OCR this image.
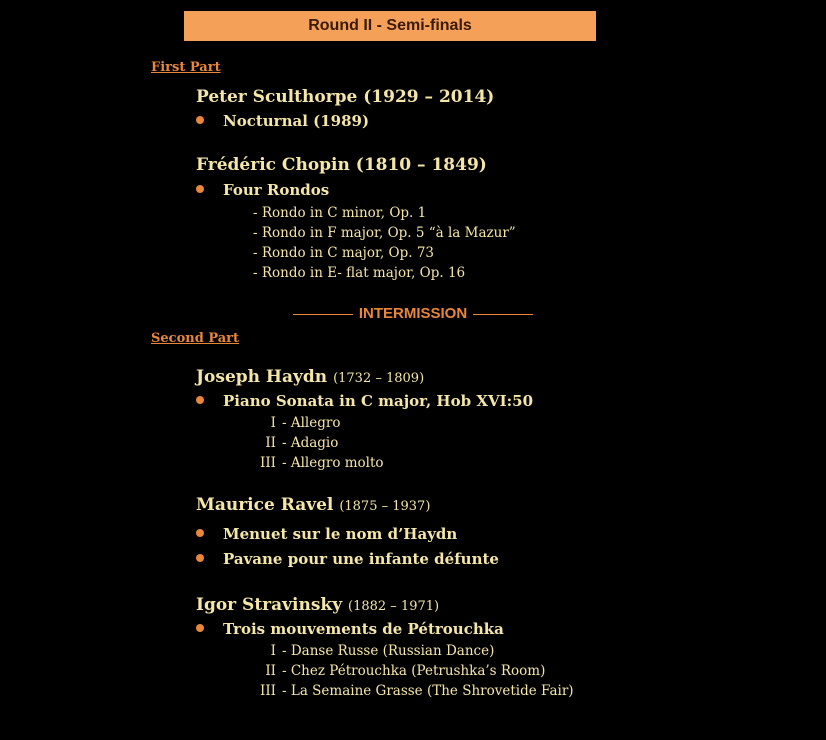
Round II - Semi-finals
First Part
Peter Sculthorpe (1929 – 2014)
Nocturnal (1989)
Frédéric Chopin (1810 – 1849)
Four Rondos
- Rondo in C minor, Op. 1
- Rondo in F major, Op. 5 “à la Mazur”
- Rondo in C major, Op. 73
- Rondo in E- flat major, Op. 16
INTERMISSION
Second Part
Joseph Haydn (1732 – 1809)
Piano Sonata in C major, Hob XVI:50
I - Allegro
II - Adagio
III - Allegro molto
Maurice Ravel (1875 – 1937)
Menuet sur le nom d’Haydn
Pavane pour une infante défunte
Igor Stravinsky (1882 – 1971)
Trois mouvements de Pétrouchka
I - Danse Russe (Russian Dance)
II - Chez Pétrouchka (Petrushka’s Room)
III - La Semaine Grasse (The Shrovetide Fair)
